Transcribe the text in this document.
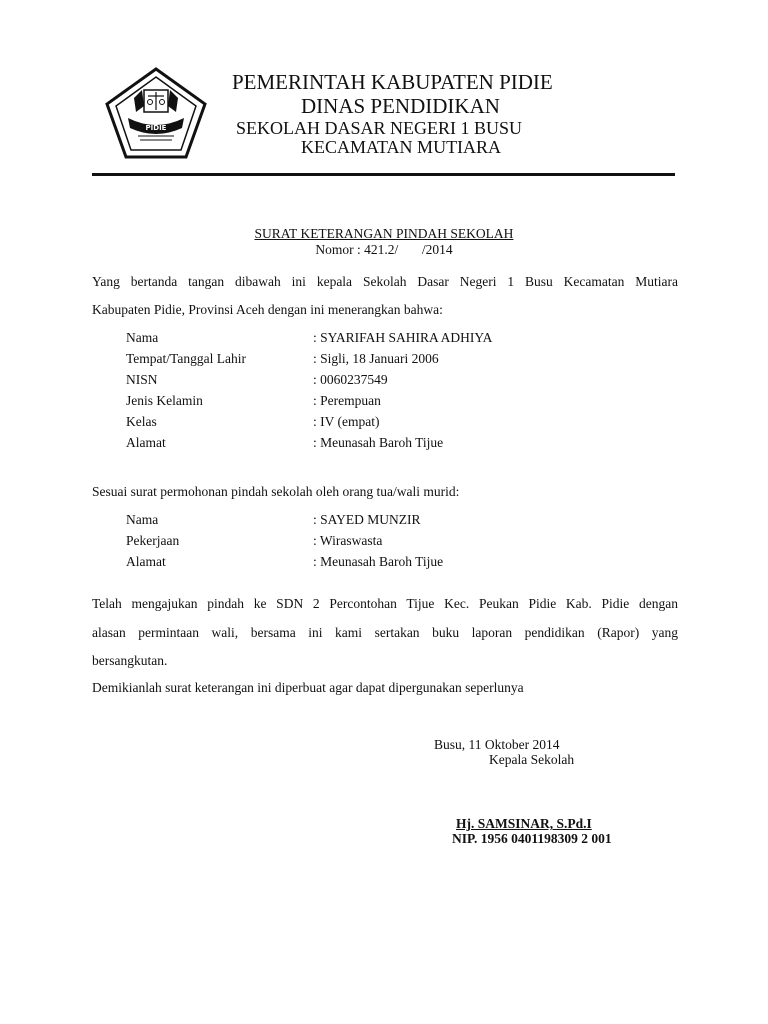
PIDIE
PEMERINTAH KABUPATEN PIDIE
DINAS PENDIDIKAN
SEKOLAH DASAR NEGERI 1 BUSU
KECAMATAN MUTIARA
SURAT KETERANGAN PINDAH SEKOLAH
Nomor : 421.2/       /2014
Yang bertanda tangan dibawah ini kepala Sekolah Dasar Negeri 1 Busu Kecamatan Mutiara
Kabupaten Pidie, Provinsi Aceh dengan ini menerangkan bahwa:
Nama	: SYARIFAH SAHIRA ADHIYA
Tempat/Tanggal Lahir	: Sigli, 18 Januari 2006
NISN	: 0060237549
Jenis Kelamin	: Perempuan
Kelas	: IV (empat)
Alamat	: Meunasah Baroh Tijue
Sesuai surat permohonan pindah sekolah oleh orang tua/wali murid:
Nama	: SAYED MUNZIR
Pekerjaan	: Wiraswasta
Alamat	: Meunasah Baroh Tijue
Telah mengajukan pindah ke SDN 2 Percontohan Tijue Kec. Peukan Pidie Kab. Pidie dengan
alasan permintaan wali, bersama ini kami sertakan buku laporan pendidikan (Rapor) yang
bersangkutan.
Demikianlah surat keterangan ini diperbuat agar dapat dipergunakan seperlunya
Busu, 11 Oktober 2014
Kepala Sekolah
Hj. SAMSINAR, S.Pd.I
NIP. 1956 0401198309 2 001
